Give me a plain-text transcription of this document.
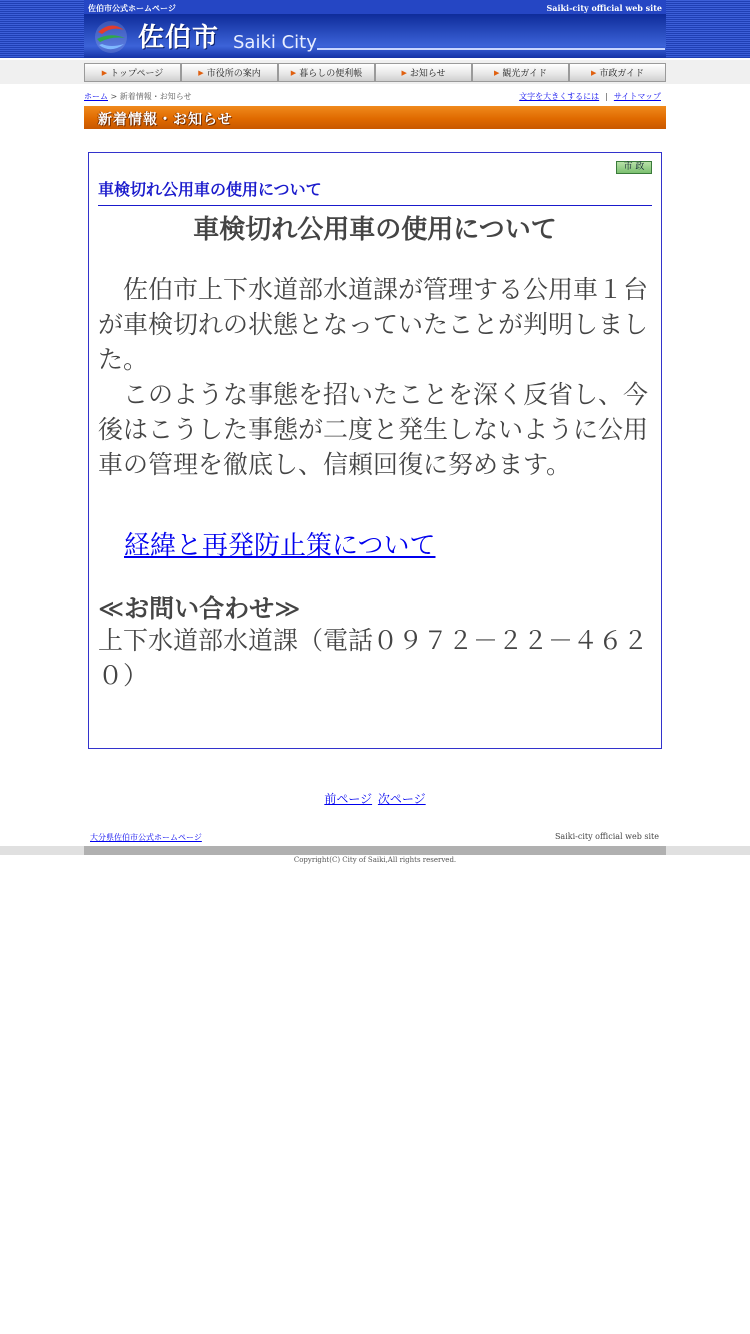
佐伯市公式ホームページ	Saiki-city official web site
佐伯市 Saiki City
▶ トップページ	▶ 市役所の案内	▶ 暮らしの便利帳	▶ お知らせ	▶ 観光ガイド	▶ 市政ガイド
ホーム > 新着情報・お知らせ	文字を大きくするには | サイトマップ
新着情報・お知らせ
市 政
車検切れ公用車の使用について
車検切れ公用車の使用について

　佐伯市上下水道部水道課が管理する公用車１台が車検切れの状態となっていたことが判明しました。

　このような事態を招いたことを深く反省し、今後はこうした事態が二度と発生しないように公用車の管理を徹底し、信頼回復に努めます。

経緯と再発防止策について
≪お問い合わせ≫
上下水道部水道課（電話０９７２－２２－４６２０）
前ページ 次ページ
大分県佐伯市公式ホームページ	Saiki-city official web site
Copyright(C) City of Saiki,All rights reserved.
